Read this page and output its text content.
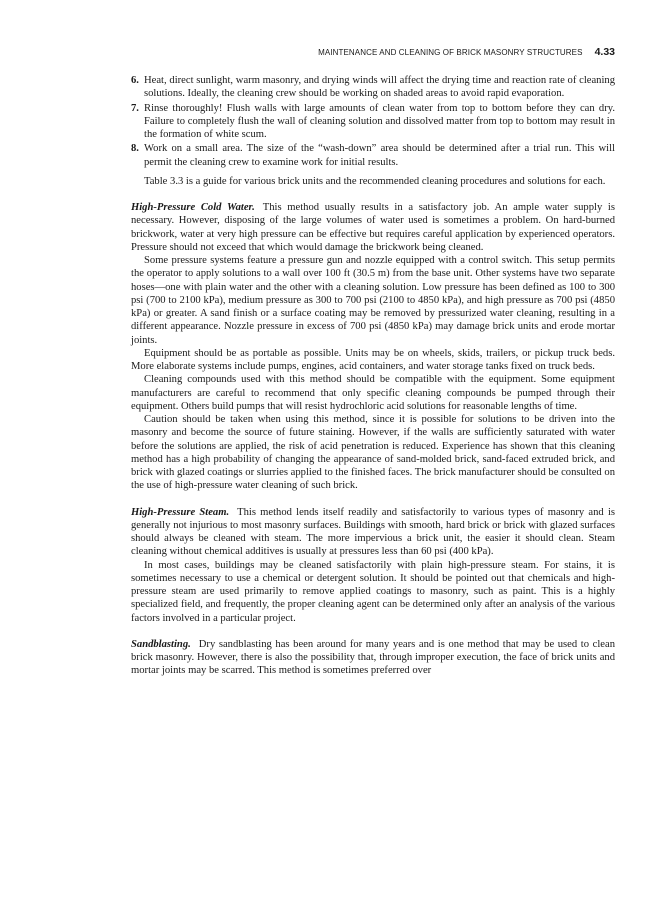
MAINTENANCE AND CLEANING OF BRICK MASONRY STRUCTURES 4.33
6. Heat, direct sunlight, warm masonry, and drying winds will affect the drying time and reaction rate of cleaning solutions. Ideally, the cleaning crew should be working on shaded areas to avoid rapid evaporation.
7. Rinse thoroughly! Flush walls with large amounts of clean water from top to bottom before they can dry. Failure to completely flush the wall of cleaning solution and dissolved matter from top to bottom may result in the formation of white scum.
8. Work on a small area. The size of the “wash-down” area should be determined after a trial run. This will permit the cleaning crew to examine work for initial results.

Table 3.3 is a guide for various brick units and the recommended cleaning procedures and solutions for each.

High-Pressure Cold Water. This method usually results in a satisfactory job. An ample water supply is necessary. However, disposing of the large volumes of water used is sometimes a problem. On hard-burned brickwork, water at very high pressure can be effective but requires careful application by experienced operators. Pressure should not exceed that which would damage the brickwork being cleaned.

Some pressure systems feature a pressure gun and nozzle equipped with a control switch. This setup permits the operator to apply solutions to a wall over 100 ft (30.5 m) from the base unit. Other systems have two separate hoses—one with plain water and the other with a cleaning solution. Low pressure has been defined as 100 to 300 psi (700 to 2100 kPa), medium pressure as 300 to 700 psi (2100 to 4850 kPa), and high pressure as 700 psi (4850 kPa) or greater. A sand finish or a surface coating may be removed by pressurized water cleaning, resulting in a different appearance. Nozzle pressure in excess of 700 psi (4850 kPa) may damage brick units and erode mortar joints.

Equipment should be as portable as possible. Units may be on wheels, skids, trailers, or pickup truck beds. More elaborate systems include pumps, engines, acid containers, and water storage tanks fixed on truck beds.

Cleaning compounds used with this method should be compatible with the equipment. Some equipment manufacturers are careful to recommend that only specific cleaning compounds be pumped through their equipment. Others build pumps that will resist hydrochloric acid solutions for reasonable lengths of time.

Caution should be taken when using this method, since it is possible for solutions to be driven into the masonry and become the source of future staining. However, if the walls are sufficiently saturated with water before the solutions are applied, the risk of acid penetration is reduced. Experience has shown that this cleaning method has a high probability of changing the appearance of sand-molded brick, sand-faced extruded brick, and brick with glazed coatings or slurries applied to the finished faces. The brick manufacturer should be consulted on the use of high-pressure water cleaning of such brick.

High-Pressure Steam. This method lends itself readily and satisfactorily to various types of masonry and is generally not injurious to most masonry surfaces. Buildings with smooth, hard brick or brick with glazed surfaces should always be cleaned with steam. The more impervious a brick unit, the easier it should clean. Steam cleaning without chemical additives is usually at pressures less than 60 psi (400 kPa).

In most cases, buildings may be cleaned satisfactorily with plain high-pressure steam. For stains, it is sometimes necessary to use a chemical or detergent solution. It should be pointed out that chemicals and high-pressure steam are used primarily to remove applied coatings to masonry, such as paint. This is a highly specialized field, and frequently, the proper cleaning agent can be determined only after an analysis of the various factors involved in a particular project.

Sandblasting. Dry sandblasting has been around for many years and is one method that may be used to clean brick masonry. However, there is also the possibility that, through improper execution, the face of brick units and mortar joints may be scarred. This method is sometimes preferred over
